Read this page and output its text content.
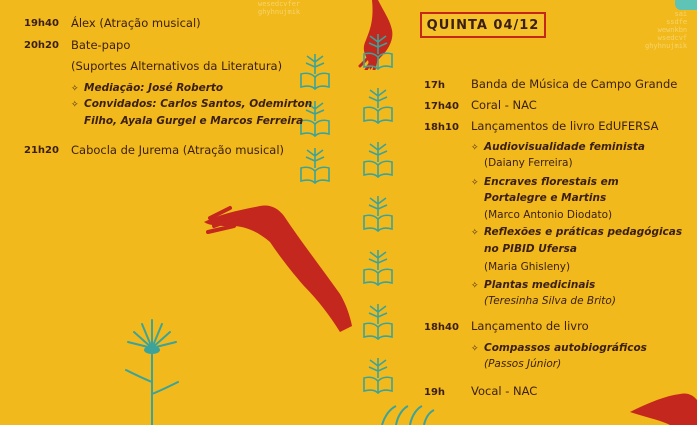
wesedcvfer
ghyhnujmik	sai
ssdfe
wewnkbn
wsedcvf
ghyhnujmik
19h40 Álex (Atração musical)
20h20 Bate-papo
(Suportes Alternativos da Literatura)
✧ Mediação: José Roberto
✧ Convidados: Carlos Santos, Odemirton
Filho, Ayala Gurgel e Marcos Ferreira
21h20 Cabocla de Jurema (Atração musical)
QUINTA 04/12
17h Banda de Música de Campo Grande
17h40 Coral - NAC
18h10 Lançamentos de livro EdUFERSA
✧ Audiovisualidade feminista
(Daiany Ferreira)
✧ Encraves florestais em
Portalegre e Martins
(Marco Antonio Diodato)
✧ Reflexões e práticas pedagógicas
no PIBID Ufersa
(Maria Ghisleny)
✧ Plantas medicinais
(Teresinha Silva de Brito)
18h40 Lançamento de livro
✧ Compassos autobiográficos
(Passos Júnior)
19h Vocal - NAC
